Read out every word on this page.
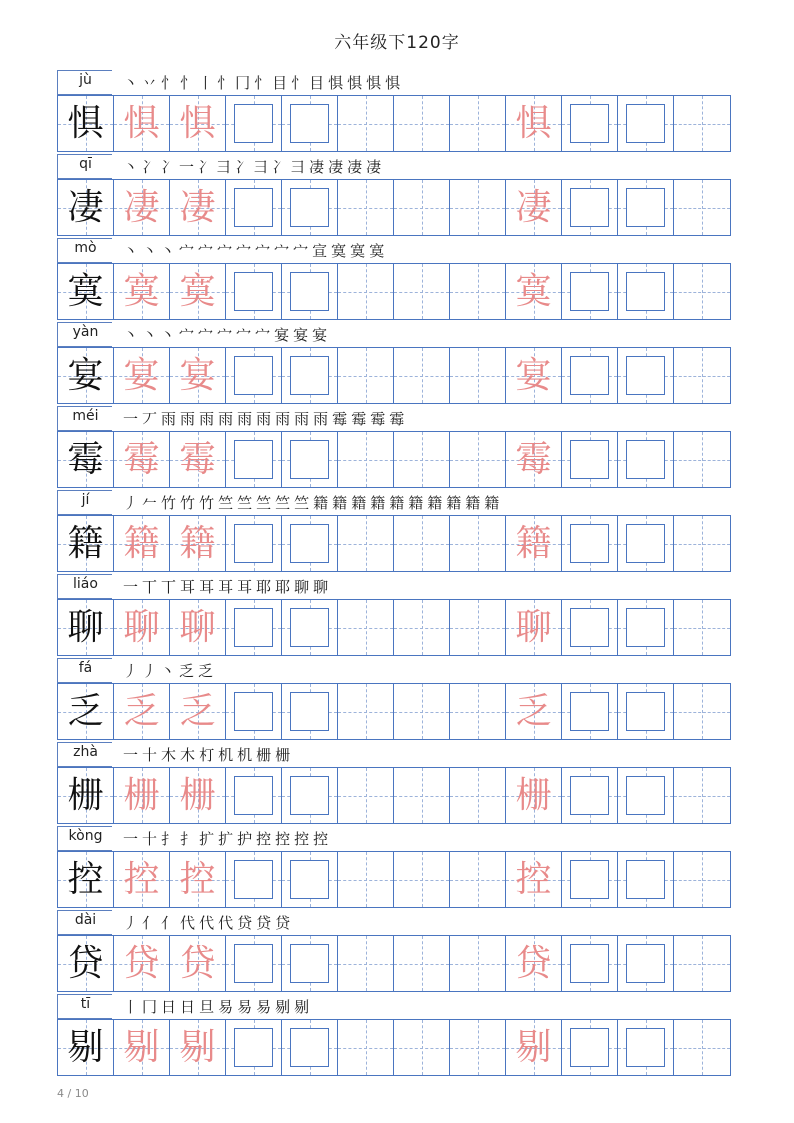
六年级下120字
jù	丶丷忄忄丨忄冂忄目忄目惧惧惧惧
惧 惧 惧	惧
qī	丶冫冫一冫彐冫彐冫彐凄凄凄凄
凄 凄 凄	凄
mò	丶丶丶宀宀宀宀宀宀宀宣寞寞寞
寞 寞 寞	寞
yàn	丶丶丶宀宀宀宀宀宴宴宴
宴 宴 宴	宴
méi	一丆雨雨雨雨雨雨雨雨雨霉霉霉霉
霉 霉 霉	霉
jí	丿𠂉竹竹竹竺竺竺竺竺籍籍籍籍籍籍籍籍籍籍
籍 籍 籍	籍
liáo	一丅丅耳耳耳耳耶耶聊聊
聊 聊 聊	聊
fá	丿丿丶乏乏
乏 乏 乏	乏
zhà	一十木木朾机机栅栅
栅 栅 栅	栅
kòng	一十扌扌扩扩护控控控控
控 控 控	控
dài	丿亻亻代代代贷贷贷
贷 贷 贷	贷
tī	丨冂日日旦易易易剔剔
剔 剔 剔	剔
4 / 10
